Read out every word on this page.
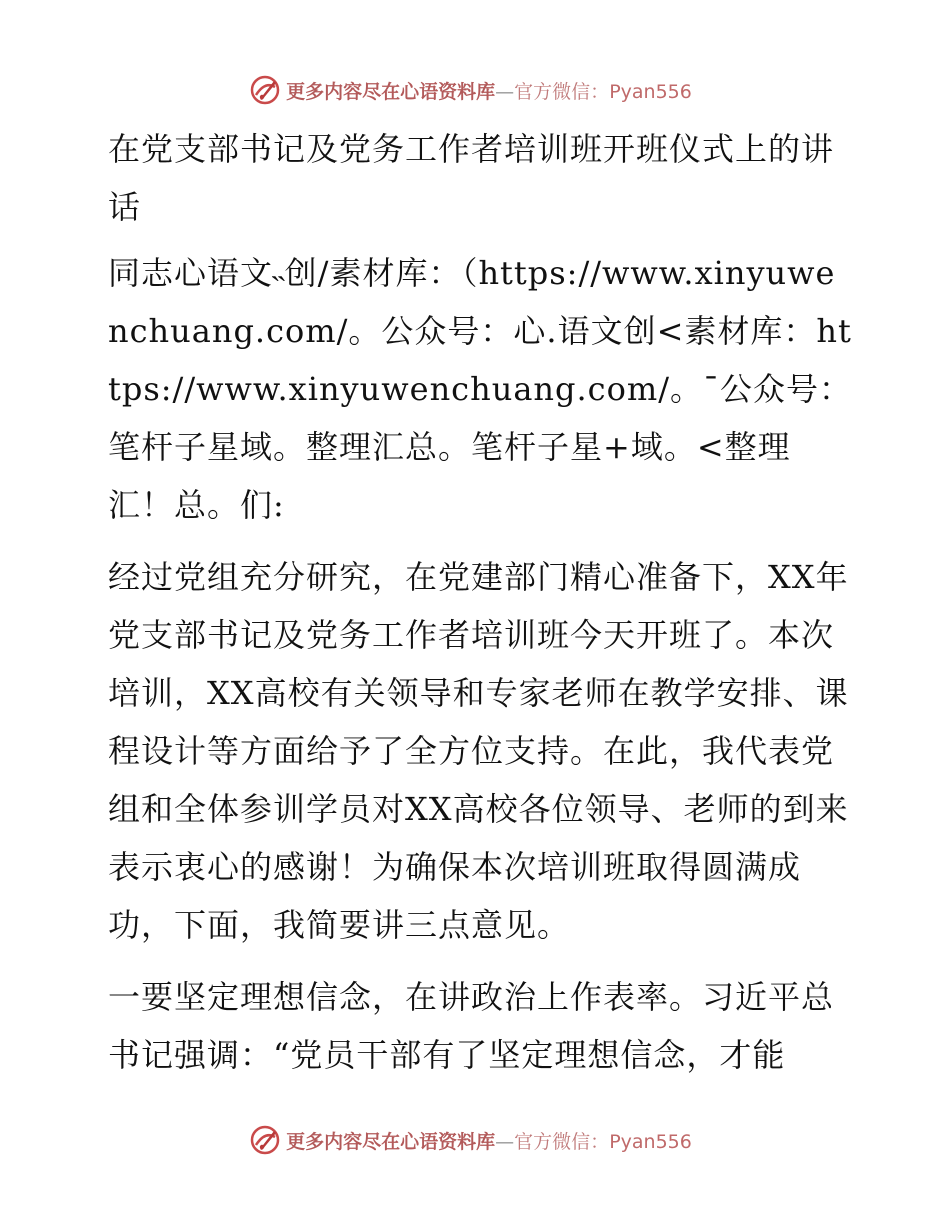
更多内容尽在心语资料库—官方微信：Pyan556

在党支部书记及党务工作者培训班开班仪式上的讲话

同志心语文˵创/素材库：（https://www.xinyuwenchuang.com/。公众号：心.语文创<素材库：https://www.xinyuwenchuang.com/。¯公众号：笔杆子星域。整理汇总。笔杆子星+域。<整理汇！总。们:

经过党组充分研究，在党建部门精心准备下，XX年党支部书记及党务工作者培训班今天开班了。本次培训，XX高校有关领导和专家老师在教学安排、课程设计等方面给予了全方位支持。在此，我代表党组和全体参训学员对XX高校各位领导、老师的到来表示衷心的感谢！为确保本次培训班取得圆满成功，下面，我简要讲三点意见。

一要坚定理想信念，在讲政治上作表率。习近平总书记强调：“党员干部有了坚定理想信念，才能

更多内容尽在心语资料库—官方微信：Pyan556
